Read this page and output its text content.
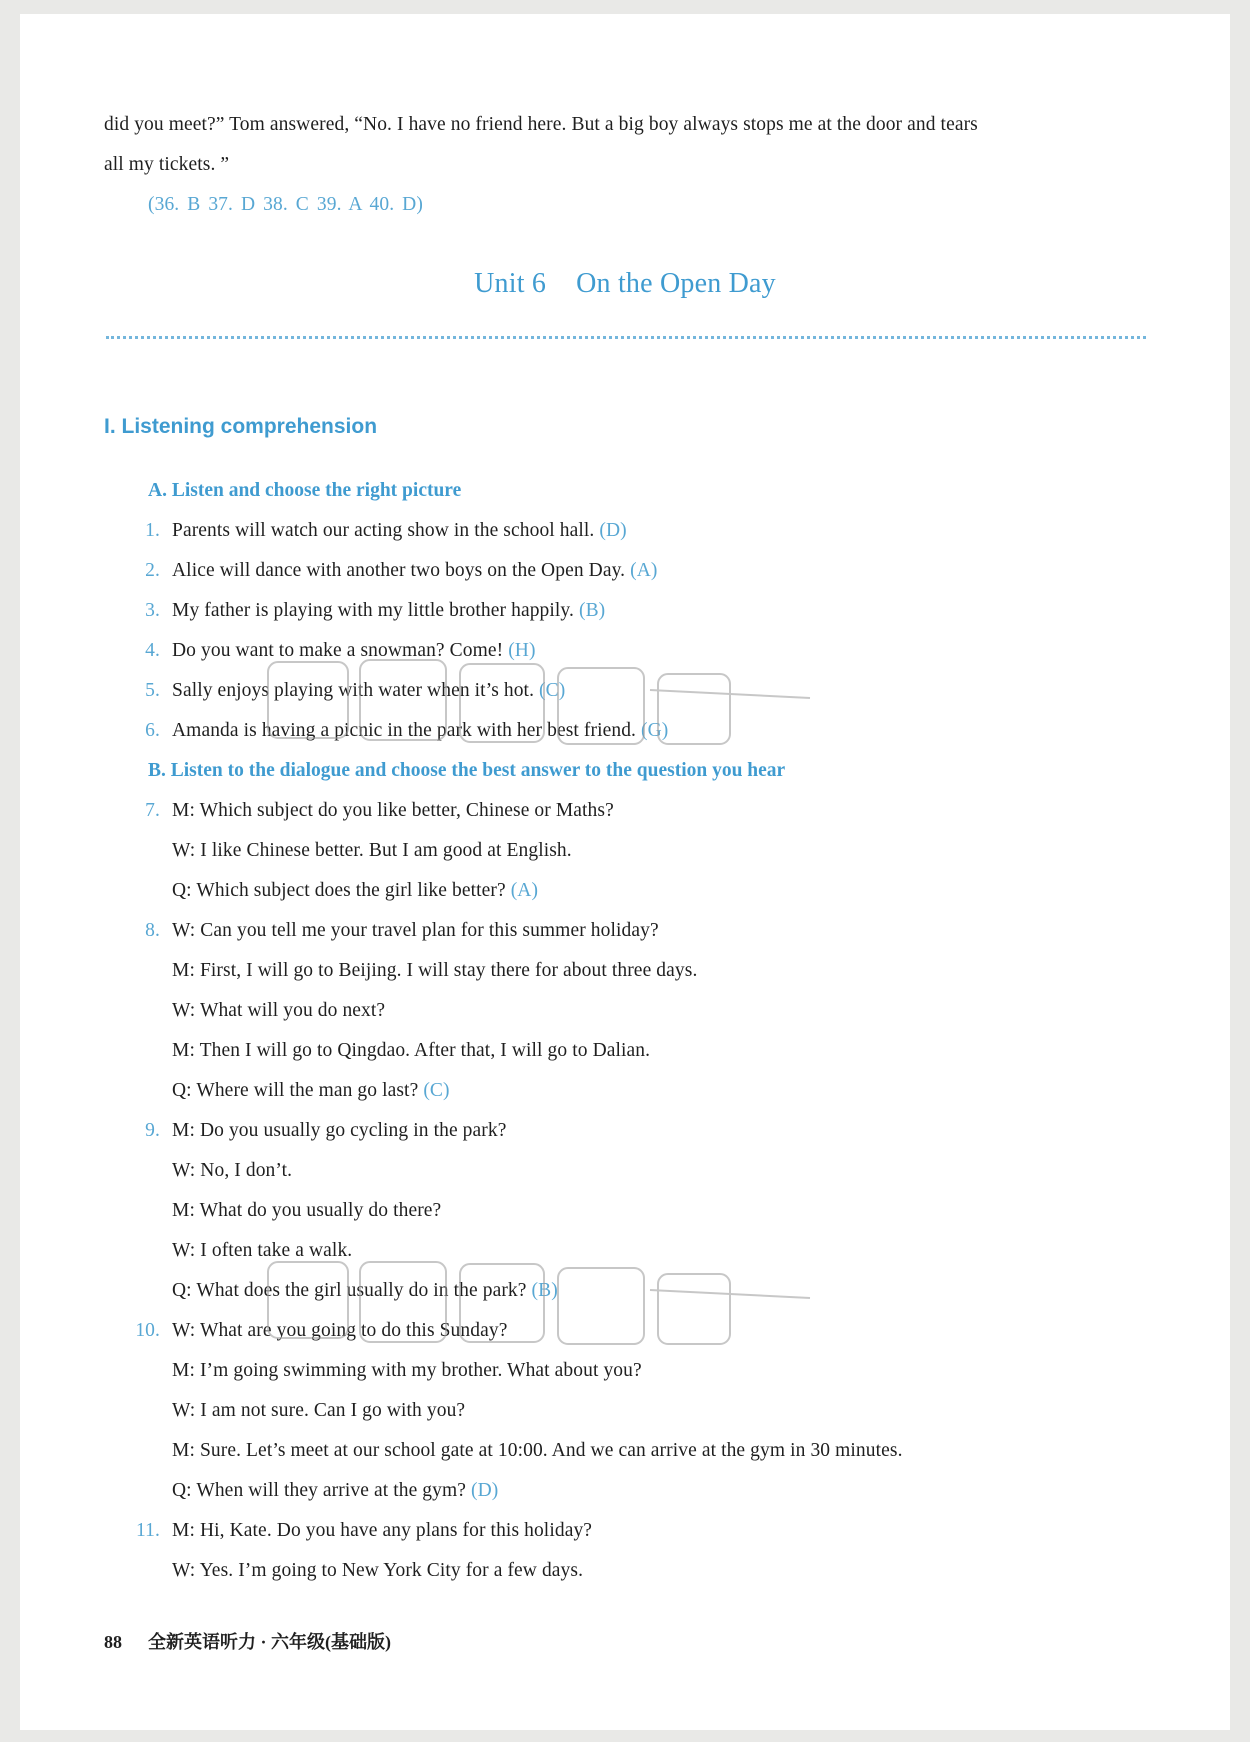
did you meet?” Tom answered, “No. I have no friend here. But a big boy always stops me at the door and tears
all my tickets. ”
(36. B 37. D 38. C 39. A 40. D)
Unit 6 On the Open Day
I. Listening comprehension
A. Listen and choose the right picture
1. Parents will watch our acting show in the school hall. (D)
2. Alice will dance with another two boys on the Open Day. (A)
3. My father is playing with my little brother happily. (B)
4. Do you want to make a snowman? Come! (H)
5. Sally enjoys playing with water when it’s hot. (C)
6. Amanda is having a picnic in the park with her best friend. (G)
B. Listen to the dialogue and choose the best answer to the question you hear
7. M: Which subject do you like better, Chinese or Maths?
W: I like Chinese better. But I am good at English.
Q: Which subject does the girl like better? (A)
8. W: Can you tell me your travel plan for this summer holiday?
M: First, I will go to Beijing. I will stay there for about three days.
W: What will you do next?
M: Then I will go to Qingdao. After that, I will go to Dalian.
Q: Where will the man go last? (C)
9. M: Do you usually go cycling in the park?
W: No, I don’t.
M: What do you usually do there?
W: I often take a walk.
Q: What does the girl usually do in the park? (B)
10. W: What are you going to do this Sunday?
M: I’m going swimming with my brother. What about you?
W: I am not sure. Can I go with you?
M: Sure. Let’s meet at our school gate at 10:00. And we can arrive at the gym in 30 minutes.
Q: When will they arrive at the gym? (D)
11. M: Hi, Kate. Do you have any plans for this holiday?
W: Yes. I’m going to New York City for a few days.
88 全新英语听力 · 六年级(基础版)
